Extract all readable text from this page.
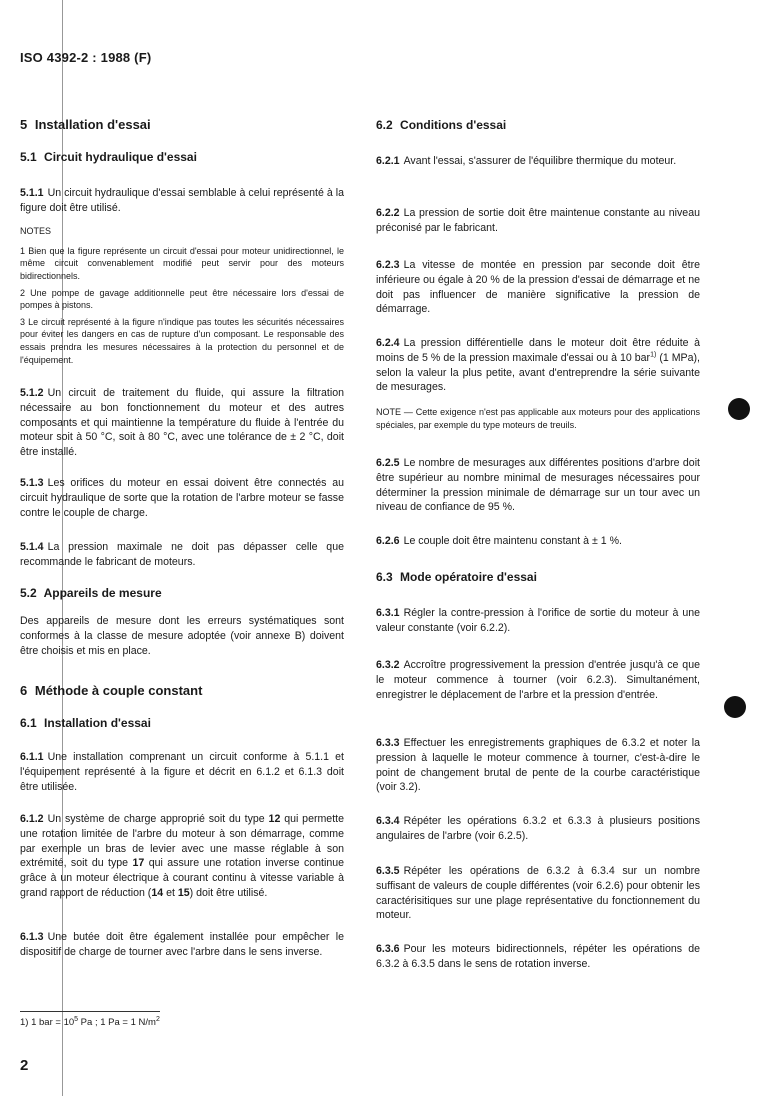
ISO 4392-2 : 1988 (F)

5 Installation d'essai

5.1 Circuit hydraulique d'essai

5.1.1 Un circuit hydraulique d'essai semblable à celui représenté à la figure doit être utilisé.

NOTES

1 Bien que la figure représente un circuit d'essai pour moteur unidirectionnel, le même circuit convenablement modifié peut servir pour des moteurs bidirectionnels.

2 Une pompe de gavage additionnelle peut être nécessaire lors d'essai de pompes à pistons.

3 Le circuit représenté à la figure n'indique pas toutes les sécurités nécessaires pour éviter les dangers en cas de rupture d'un composant. Le responsable des essais prendra les mesures nécessaires à la protection du personnel et de l'équipement.

5.1.2 Un circuit de traitement du fluide, qui assure la filtration nécessaire au bon fonctionnement du moteur et des autres composants et qui maintienne la température du fluide à l'entrée du moteur soit à 50 °C, soit à 80 °C, avec une tolérance de ± 2 °C, doit être installé.

5.1.3 Les orifices du moteur en essai doivent être connectés au circuit hydraulique de sorte que la rotation de l'arbre moteur se fasse contre le couple de charge.

5.1.4 La pression maximale ne doit pas dépasser celle que recommande le fabricant de moteurs.

5.2 Appareils de mesure

Des appareils de mesure dont les erreurs systématiques sont conformes à la classe de mesure adoptée (voir annexe B) doivent être choisis et mis en place.

6 Méthode à couple constant

6.1 Installation d'essai

6.1.1 Une installation comprenant un circuit conforme à 5.1.1 et l'équipement représenté à la figure et décrit en 6.1.2 et 6.1.3 doit être utilisée.

6.1.2 Un système de charge approprié soit du type 12 qui permette une rotation limitée de l'arbre du moteur à son démarrage, comme par exemple un bras de levier avec une masse réglable à son extrémité, soit du type 17 qui assure une rotation inverse continue grâce à un moteur électrique à courant continu à vitesse variable à grand rapport de réduction (14 et 15) doit être utilisé.

6.1.3 Une butée doit être également installée pour empêcher le dispositif de charge de tourner avec l'arbre dans le sens inverse.

6.2 Conditions d'essai

6.2.1 Avant l'essai, s'assurer de l'équilibre thermique du moteur.

6.2.2 La pression de sortie doit être maintenue constante au niveau préconisé par le fabricant.

6.2.3 La vitesse de montée en pression par seconde doit être inférieure ou égale à 20 % de la pression d'essai de démarrage et ne doit pas influencer de manière significative la pression de démarrage.

6.2.4 La pression différentielle dans le moteur doit être réduite à moins de 5 % de la pression maximale d'essai ou à 10 bar$^{1)}$ (1 MPa), selon la valeur la plus petite, avant d'entreprendre la série suivante de mesurages.

NOTE — Cette exigence n'est pas applicable aux moteurs pour des applications spéciales, par exemple du type moteurs de treuils.

6.2.5 Le nombre de mesurages aux différentes positions d'arbre doit être supérieur au nombre minimal de mesurages nécessaires pour déterminer la pression minimale de démarrage sur un tour avec un niveau de confiance de 95 %.

6.2.6 Le couple doit être maintenu constant à ± 1 %.

6.3 Mode opératoire d'essai

6.3.1 Régler la contre-pression à l'orifice de sortie du moteur à une valeur constante (voir 6.2.2).

6.3.2 Accroître progressivement la pression d'entrée jusqu'à ce que le moteur commence à tourner (voir 6.2.3). Simultanément, enregistrer le déplacement de l'arbre et la pression d'entrée.

6.3.3 Effectuer les enregistrements graphiques de 6.3.2 et noter la pression à laquelle le moteur commence à tourner, c'est-à-dire le point de changement brutal de pente de la courbe caractéristique (voir 3.2).

6.3.4 Répéter les opérations 6.3.2 et 6.3.3 à plusieurs positions angulaires de l'arbre (voir 6.2.5).

6.3.5 Répéter les opérations de 6.3.2 à 6.3.4 sur un nombre suffisant de valeurs de couple différentes (voir 6.2.6) pour obtenir les caractérisitiques sur une plage représentative du fonctionnement du moteur.

6.3.6 Pour les moteurs bidirectionnels, répéter les opérations de 6.3.2 à 6.3.5 dans le sens de rotation inverse.

1) 1 bar = $10^5$ Pa ; 1 Pa = 1 $N/m^2$
2
